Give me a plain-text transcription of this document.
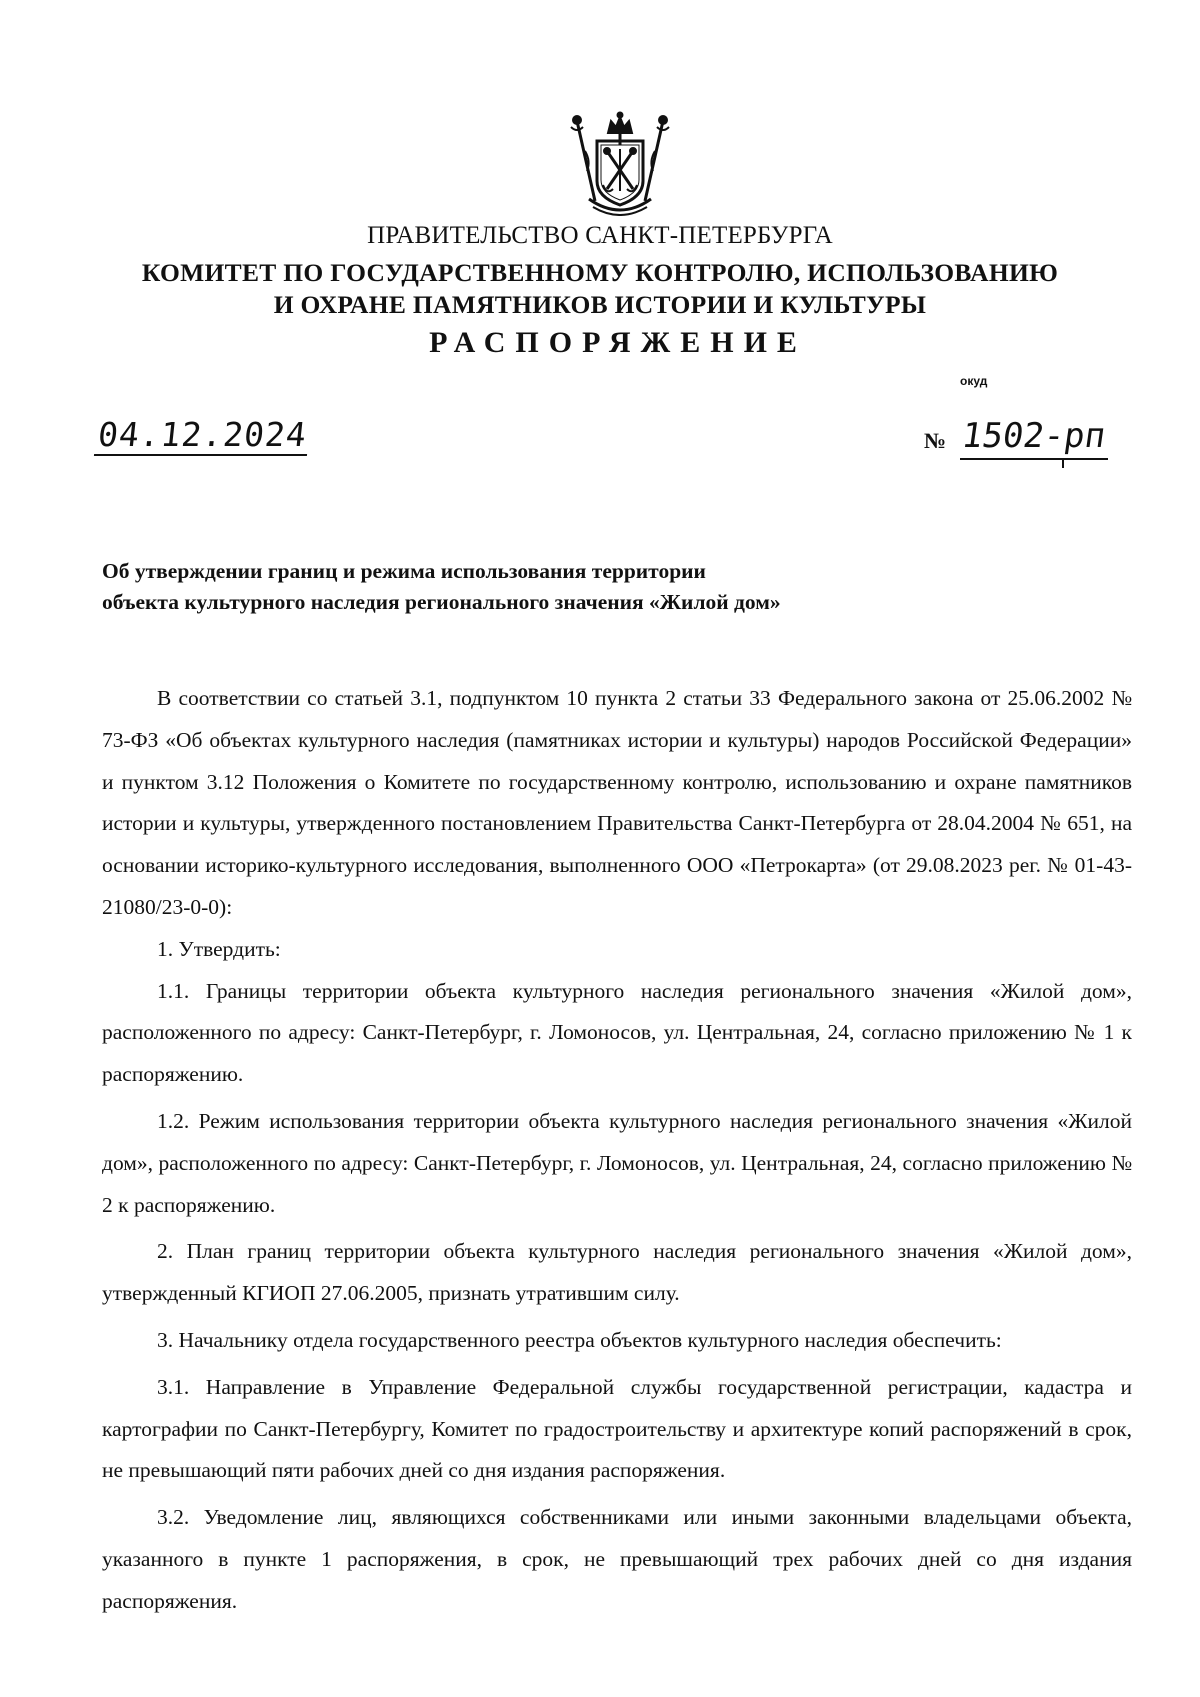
ПРАВИТЕЛЬСТВО САНКТ-ПЕТЕРБУРГА
КОМИТЕТ ПО ГОСУДАРСТВЕННОМУ КОНТРОЛЮ, ИСПОЛЬЗОВАНИЮ
И ОХРАНЕ ПАМЯТНИКОВ ИСТОРИИ И КУЛЬТУРЫ
РАСПОРЯЖЕНИЕ
окуд
04.12.2024	№ 1502-рп
Об утверждении границ и режима использования территории
объекта культурного наследия регионального значения «Жилой дом»

В соответствии со статьей 3.1, подпунктом 10 пункта 2 статьи 33 Федерального закона от 25.06.2002 № 73-ФЗ «Об объектах культурного наследия (памятниках истории и культуры) народов Российской Федерации» и пунктом 3.12 Положения о Комитете по государственному контролю, использованию и охране памятников истории и культуры, утвержденного постановлением Правительства Санкт-Петербурга от 28.04.2004 № 651, на основании историко-культурного исследования, выполненного ООО «Петрокарта» (от 29.08.2023 рег. № 01-43-21080/23-0-0):

1. Утвердить:

1.1. Границы территории объекта культурного наследия регионального значения «Жилой дом», расположенного по адресу: Санкт-Петербург, г. Ломоносов, ул. Центральная, 24, согласно приложению № 1 к распоряжению.

1.2. Режим использования территории объекта культурного наследия регионального значения «Жилой дом», расположенного по адресу: Санкт-Петербург, г. Ломоносов, ул. Центральная, 24, согласно приложению № 2 к распоряжению.

2. План границ территории объекта культурного наследия регионального значения «Жилой дом», утвержденный КГИОП 27.06.2005, признать утратившим силу.

3. Начальнику отдела государственного реестра объектов культурного наследия обеспечить:

3.1. Направление в Управление Федеральной службы государственной регистрации, кадастра и картографии по Санкт-Петербургу, Комитет по градостроительству и архитектуре копий распоряжений в срок, не превышающий пяти рабочих дней со дня издания распоряжения.

3.2. Уведомление лиц, являющихся собственниками или иными законными владельцами объекта, указанного в пункте 1 распоряжения, в срок, не превышающий трех рабочих дней со дня издания распоряжения.
